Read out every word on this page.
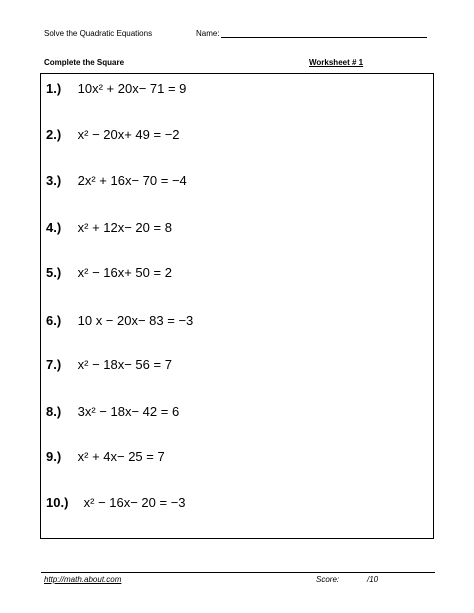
Solve the Quadratic Equations	Name:
Complete the Square	Worksheet # 1
1.) 10x² + 20x− 71 = 9
2.) x² − 20x+ 49 = −2
3.) 2x² + 16x− 70 = −4
4.) x² + 12x− 20 = 8
5.) x² − 16x+ 50 = 2
6.) 10 x − 20x− 83 = −3
7.) x² − 18x− 56 = 7
8.) 3x² − 18x− 42 = 6
9.) x² + 4x− 25 = 7
10.) x² − 16x− 20 = −3
http://math.about.com	Score:	/10
